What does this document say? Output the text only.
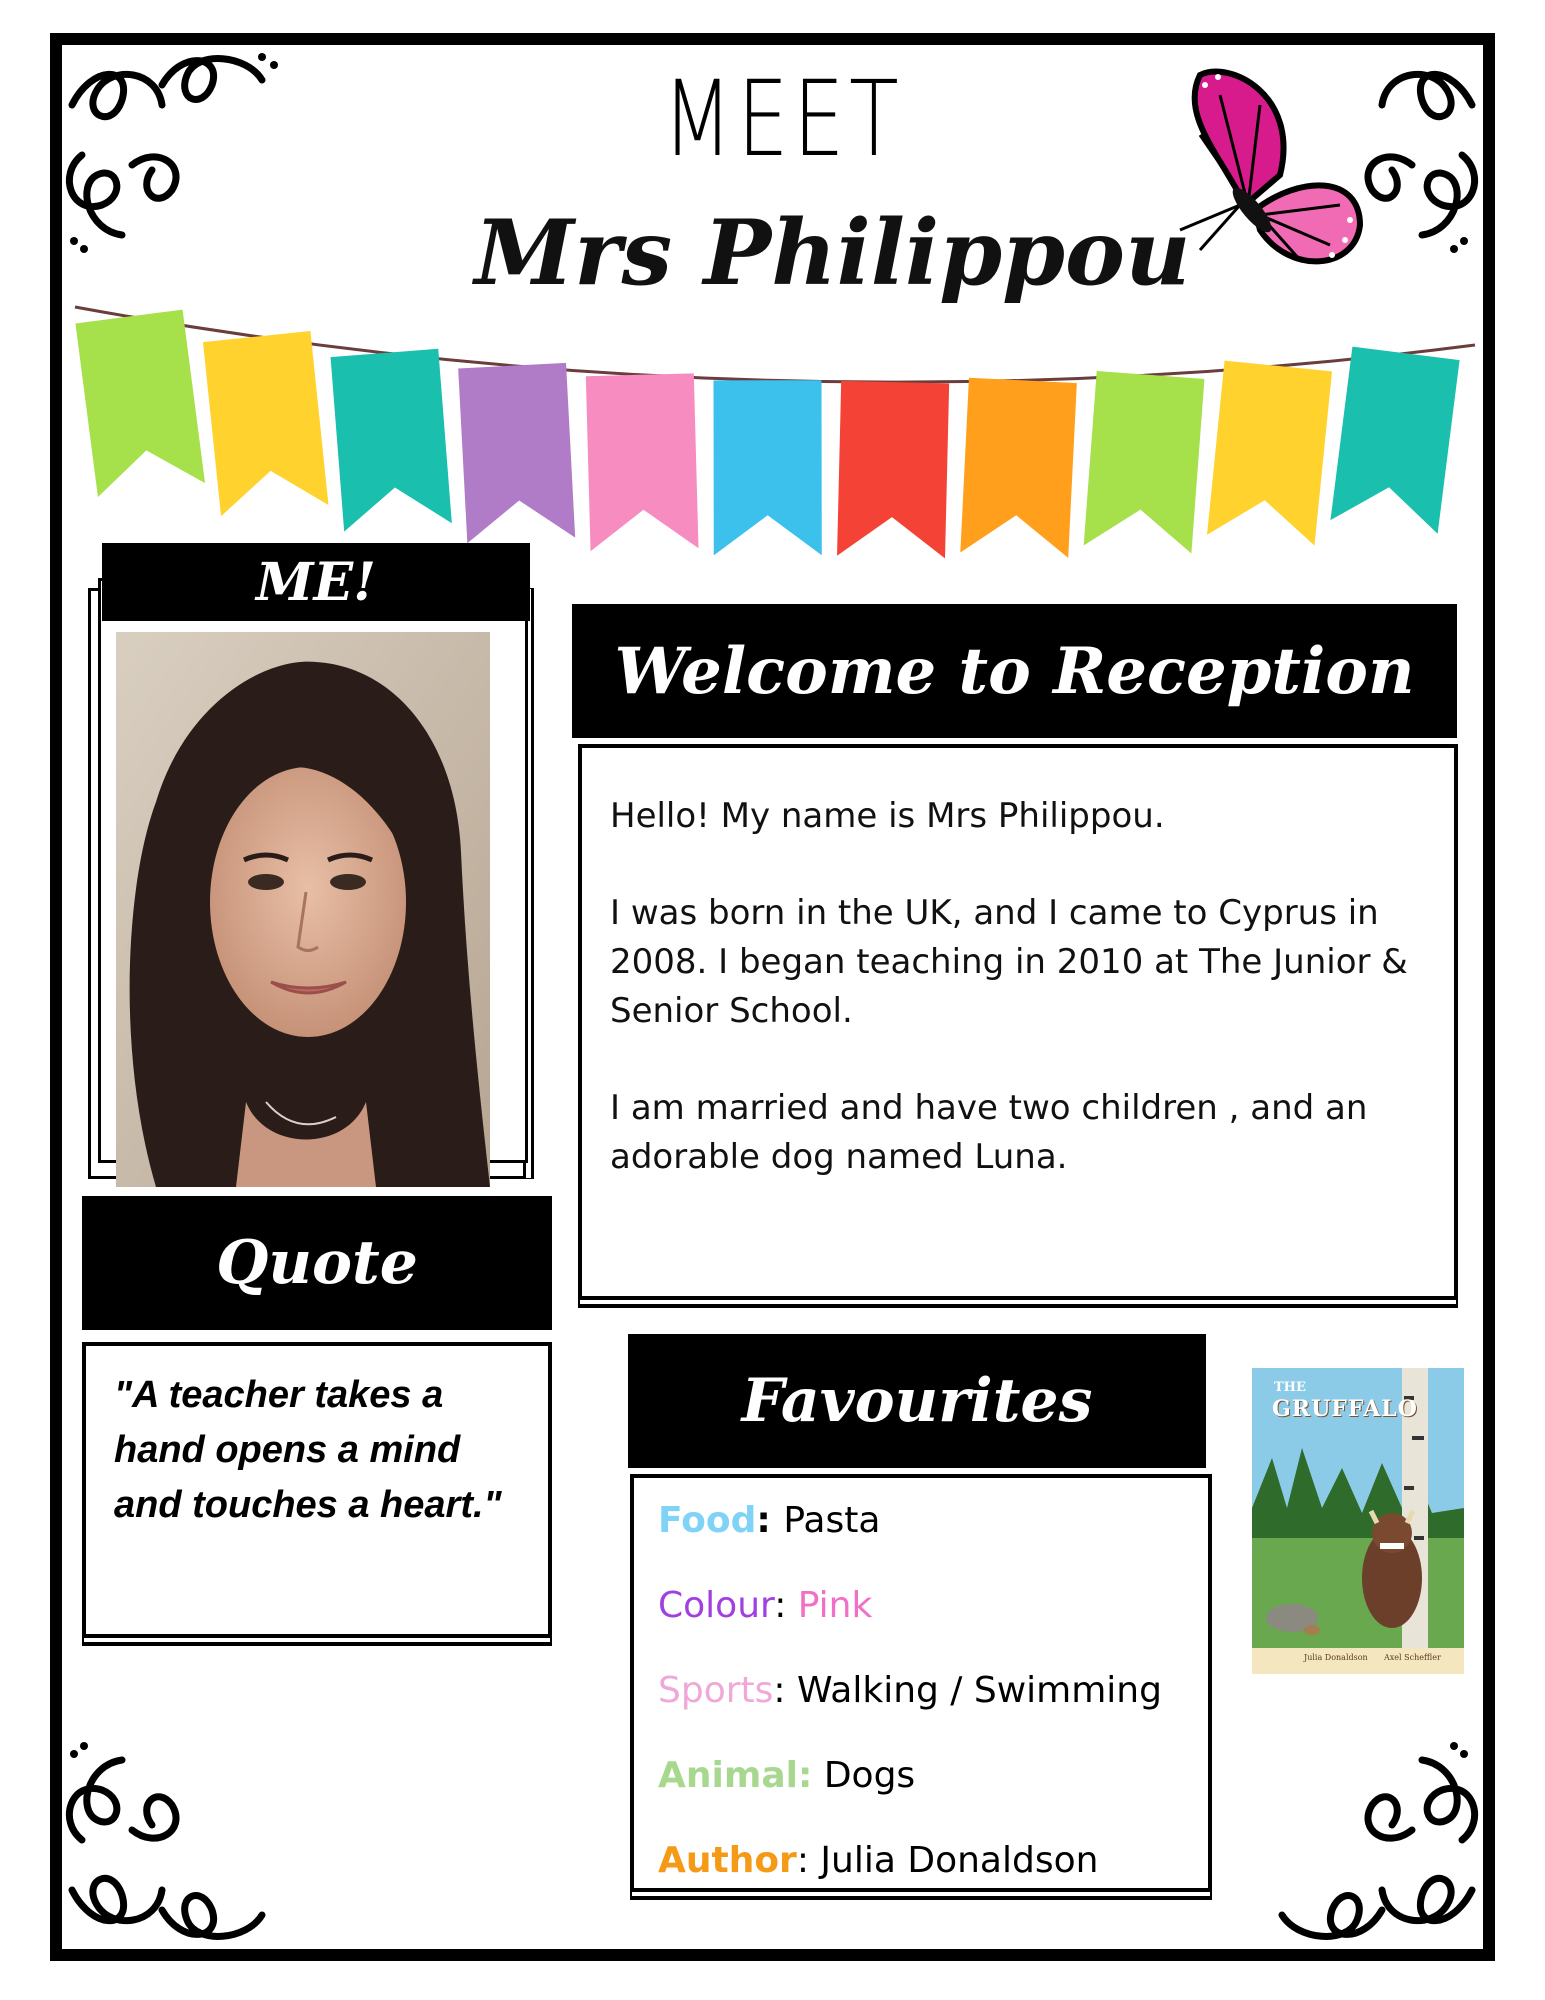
MEET
Mrs Philippou
ME!
Welcome to Reception

Hello! My name is Mrs Philippou.

I was born in the UK, and I came to Cyprus in 2008. I began teaching in 2010 at The Junior & Senior School.

I am married and have two children , and an adorable dog named Luna.

Quote
"A teacher takes a hand opens a mind and touches a heart."
Favourites
Food: Pasta
Colour: Pink
Sports: Walking / Swimming
Animal: Dogs
Author: Julia Donaldson
THE
GRUFFALO
Julia Donaldson Axel Scheffler
